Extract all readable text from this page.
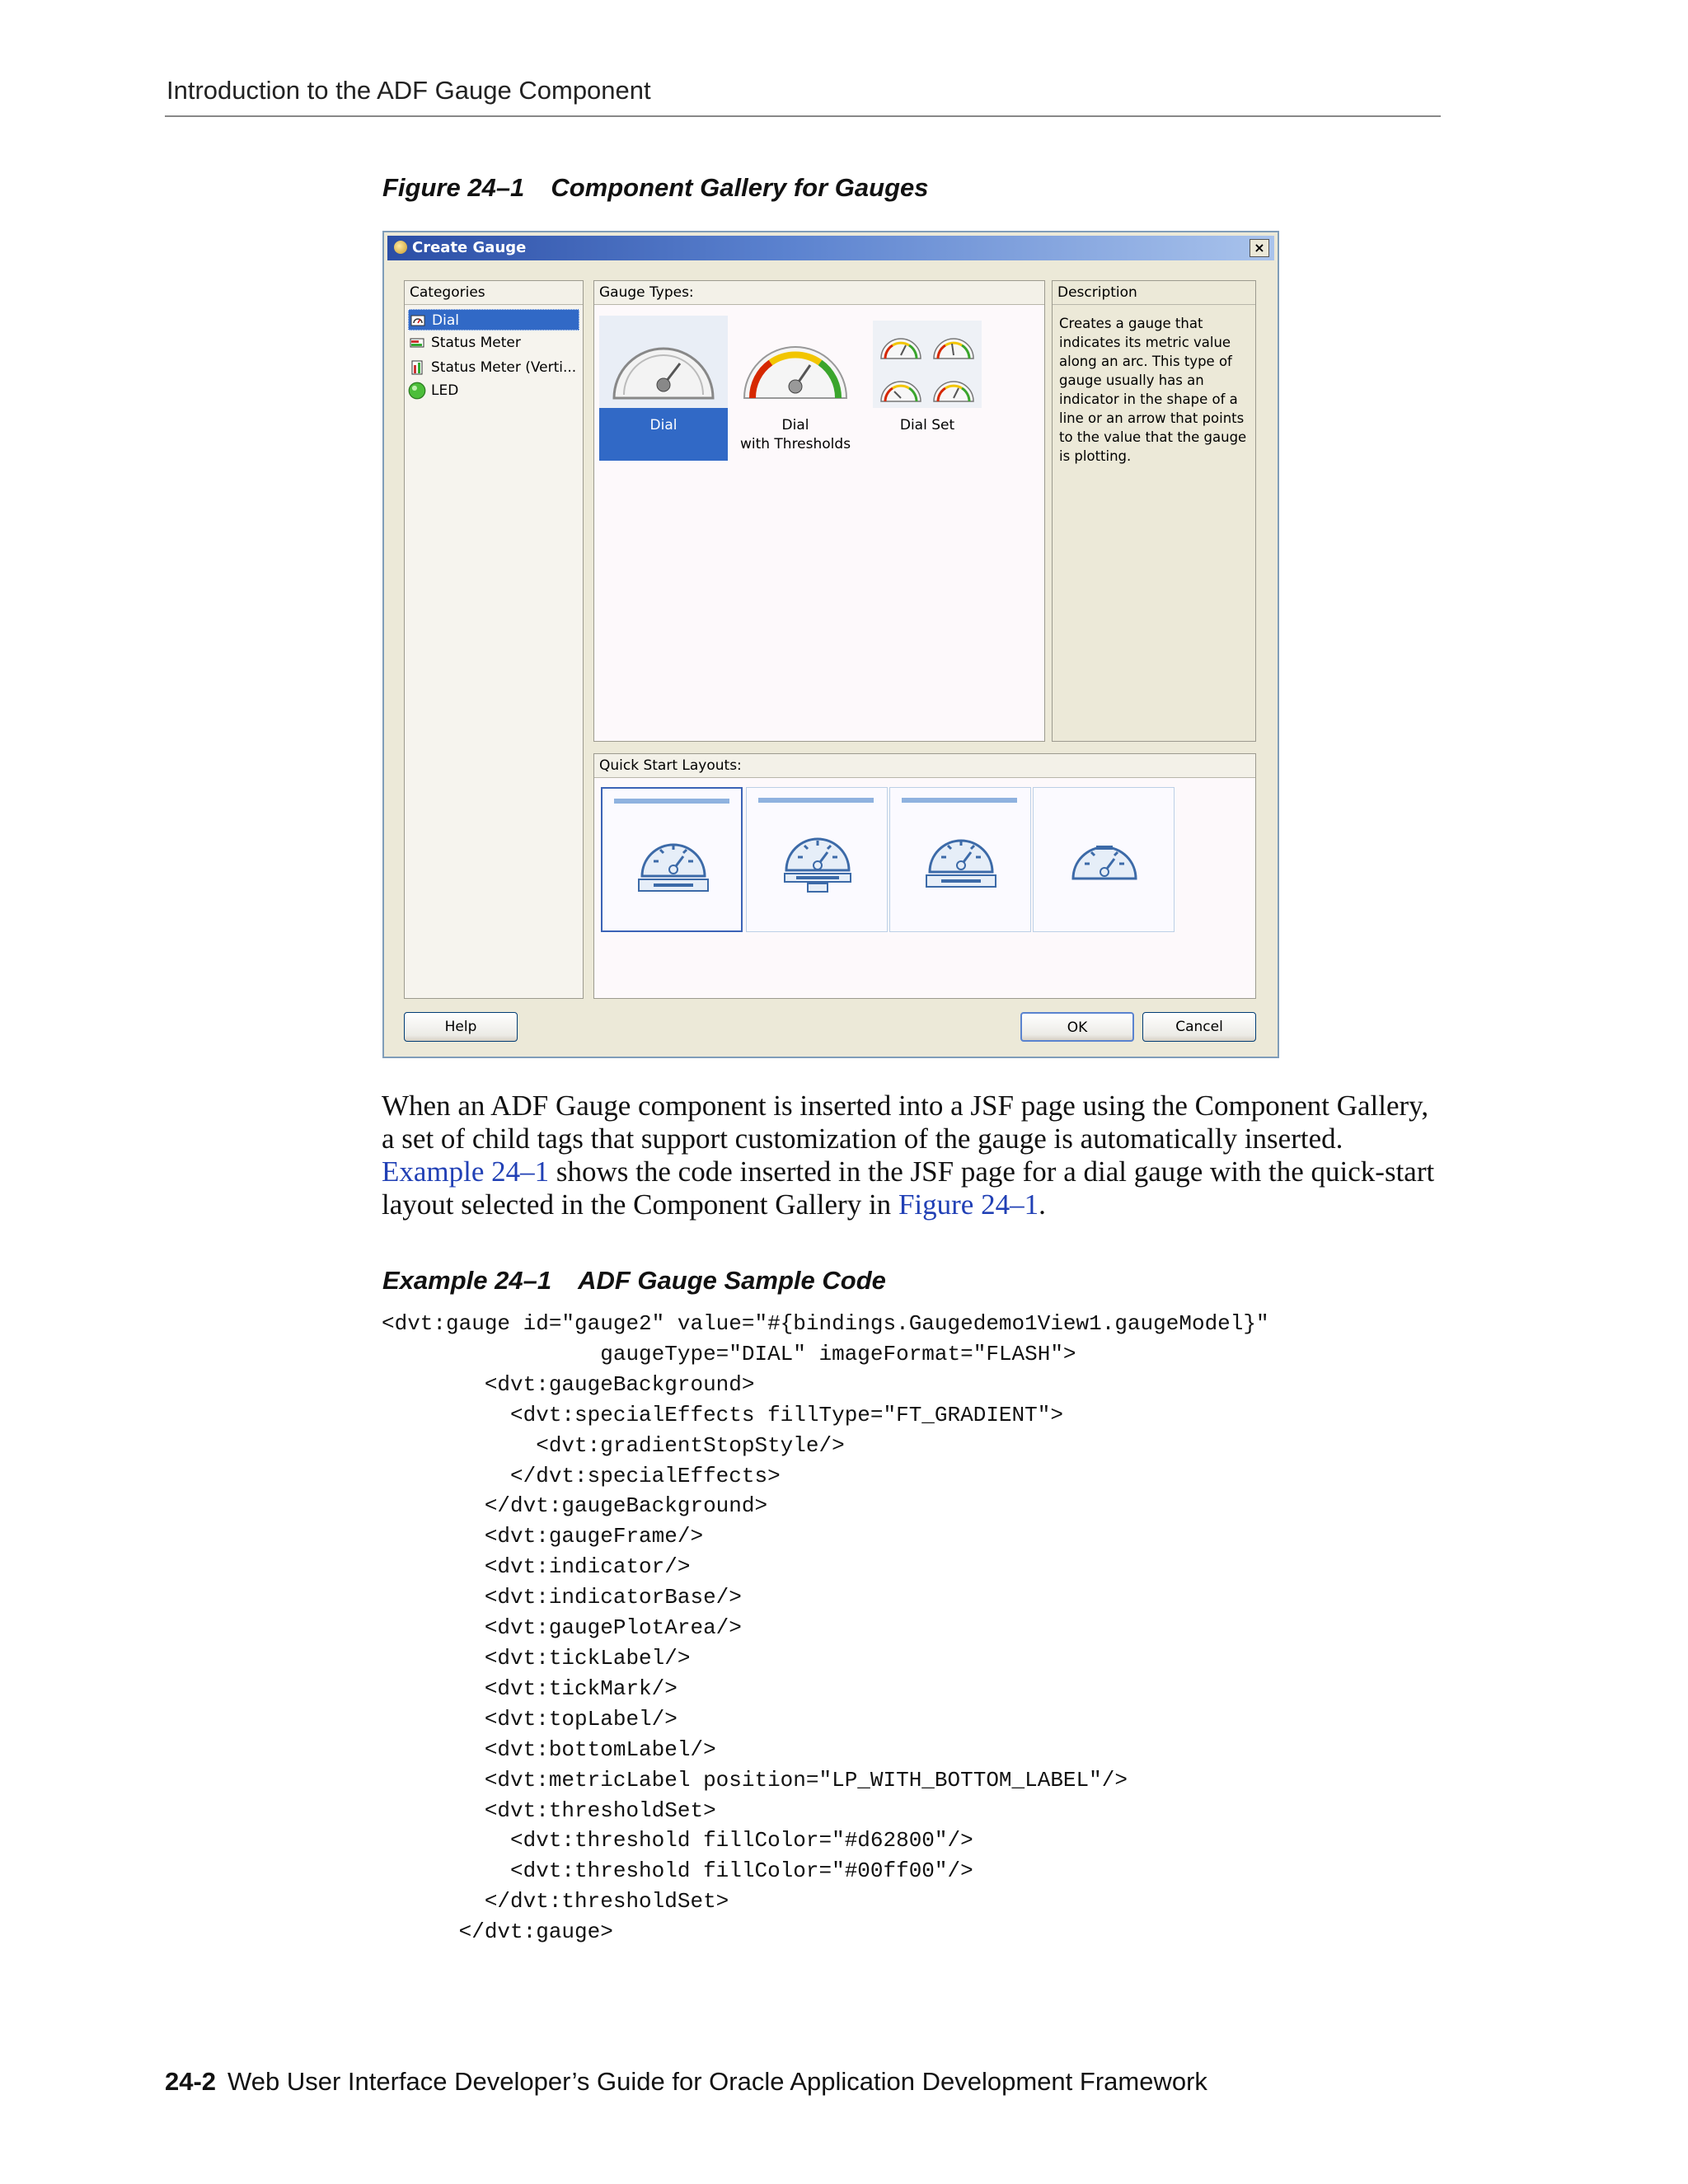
Introduction to the ADF Gauge Component
Figure 24–1 Component Gallery for Gauges
Create Gauge	×
Categories
Dial
Status Meter
Status Meter (Verti...
LED
Gauge Types:
Dial	Dial
with Thresholds
Dial Set
Description
Creates a gauge that indicates its metric value along an arc. This type of gauge usually has an indicator in the shape of a line or an arrow that points to the value that the gauge is plotting.
Quick Start Layouts:
Help	OK	Cancel
When an ADF Gauge component is inserted into a JSF page using the Component Gallery, a set of child tags that support customization of the gauge is automatically inserted. Example 24–1 shows the code inserted in the JSF page for a dial gauge with the quick-start layout selected in the Component Gallery in Figure 24–1.
Example 24–1 ADF Gauge Sample Code
<dvt:gauge id="gauge2" value="#{bindings.Gaugedemo1View1.gaugeModel}"
gaugeType="DIAL" imageFormat="FLASH">
<dvt:gaugeBackground>
<dvt:specialEffects fillType="FT_GRADIENT">
<dvt:gradientStopStyle/>
</dvt:specialEffects>
</dvt:gaugeBackground>
<dvt:gaugeFrame/>
<dvt:indicator/>
<dvt:indicatorBase/>
<dvt:gaugePlotArea/>
<dvt:tickLabel/>
<dvt:tickMark/>
<dvt:topLabel/>
<dvt:bottomLabel/>
<dvt:metricLabel position="LP_WITH_BOTTOM_LABEL"/>
<dvt:thresholdSet>
<dvt:threshold fillColor="#d62800"/>
<dvt:threshold fillColor="#00ff00"/>
</dvt:thresholdSet>
</dvt:gauge>
24-2 Web User Interface Developer’s Guide for Oracle Application Development Framework
